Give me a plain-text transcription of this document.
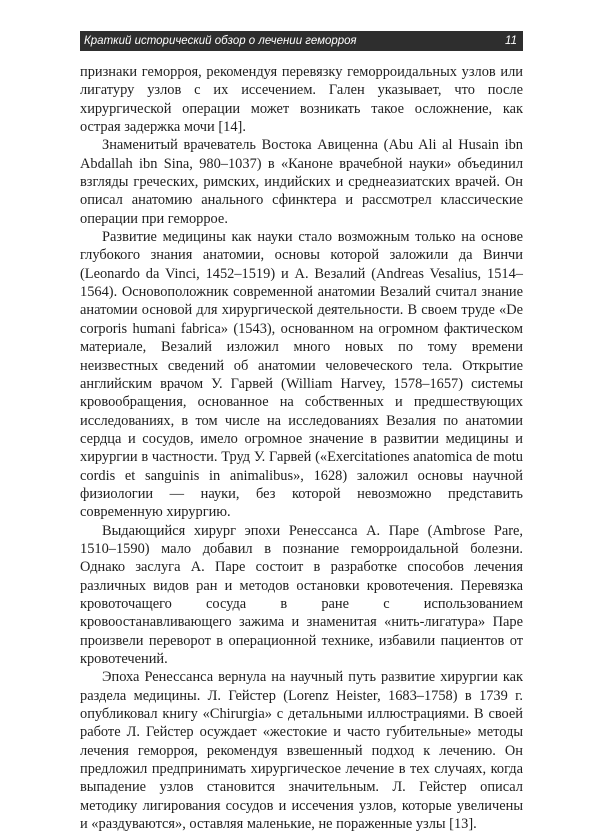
Краткий исторический обзор о лечении геморроя	11

признаки геморроя, рекомендуя перевязку геморроидальных узлов или лигатуру узлов с их иссечением. Гален указывает, что после хирургической операции может возникать такое осложнение, как острая задержка мочи [14].

Знаменитый врачеватель Востока Авиценна (Abu Ali al Husain ibn Abdallah ibn Sina, 980–1037) в «Каноне врачебной науки» объединил взгляды греческих, римских, индийских и среднеазиатских врачей. Он описал анатомию анального сфинктера и рассмотрел классические операции при геморрое.

Развитие медицины как науки стало возможным только на основе глубокого знания анатомии, основы которой заложили да Винчи (Leonardo da Vinci, 1452–1519) и А. Везалий (Andreas Vesalius, 1514–1564). Основоположник современной анатомии Везалий считал знание анатомии основой для хирургической деятельности. В своем труде «De corporis humani fabrica» (1543), основанном на огромном фактическом материале, Везалий изложил много новых по тому времени неизвестных сведений об анатомии человеческого тела. Открытие английским врачом У. Гарвей (William Harvey, 1578–1657) системы кровообращения, основанное на собственных и предшествующих исследованиях, в том числе на исследованиях Везалия по анатомии сердца и сосудов, имело огромное значение в развитии медицины и хирургии в частности. Труд У. Гарвей («Exercitationes anatomica de motu cordis et sanguinis in animalibus», 1628) заложил основы научной физиологии — науки, без которой невозможно представить современную хирургию.

Выдающийся хирург эпохи Ренессанса А. Паре (Ambrose Pare, 1510–1590) мало добавил в познание геморроидальной болезни. Однако заслуга А. Паре состоит в разработке способов лечения различных видов ран и методов остановки кровотечения. Перевязка кровоточащего сосуда в ране с использованием кровоостанавливающего зажима и знаменитая «нить-лигатура» Паре произвели переворот в операционной технике, избавили пациентов от кровотечений.

Эпоха Ренессанса вернула на научный путь развитие хирургии как раздела медицины. Л. Гейстер (Lorenz Heister, 1683–1758) в 1739 г. опубликовал книгу «Chirurgia» с детальными иллюстрациями. В своей работе Л. Гейстер осуждает «жестокие и часто губительные» методы лечения геморроя, рекомендуя взвешенный подход к лечению. Он предложил предпринимать хирургическое лечение в тех случаях, когда выпадение узлов становится значительным. Л. Гейстер описал методику лигирования сосудов и иссечения узлов, которые увеличены и «раздуваются», оставляя маленькие, не пораженные узлы [13].
